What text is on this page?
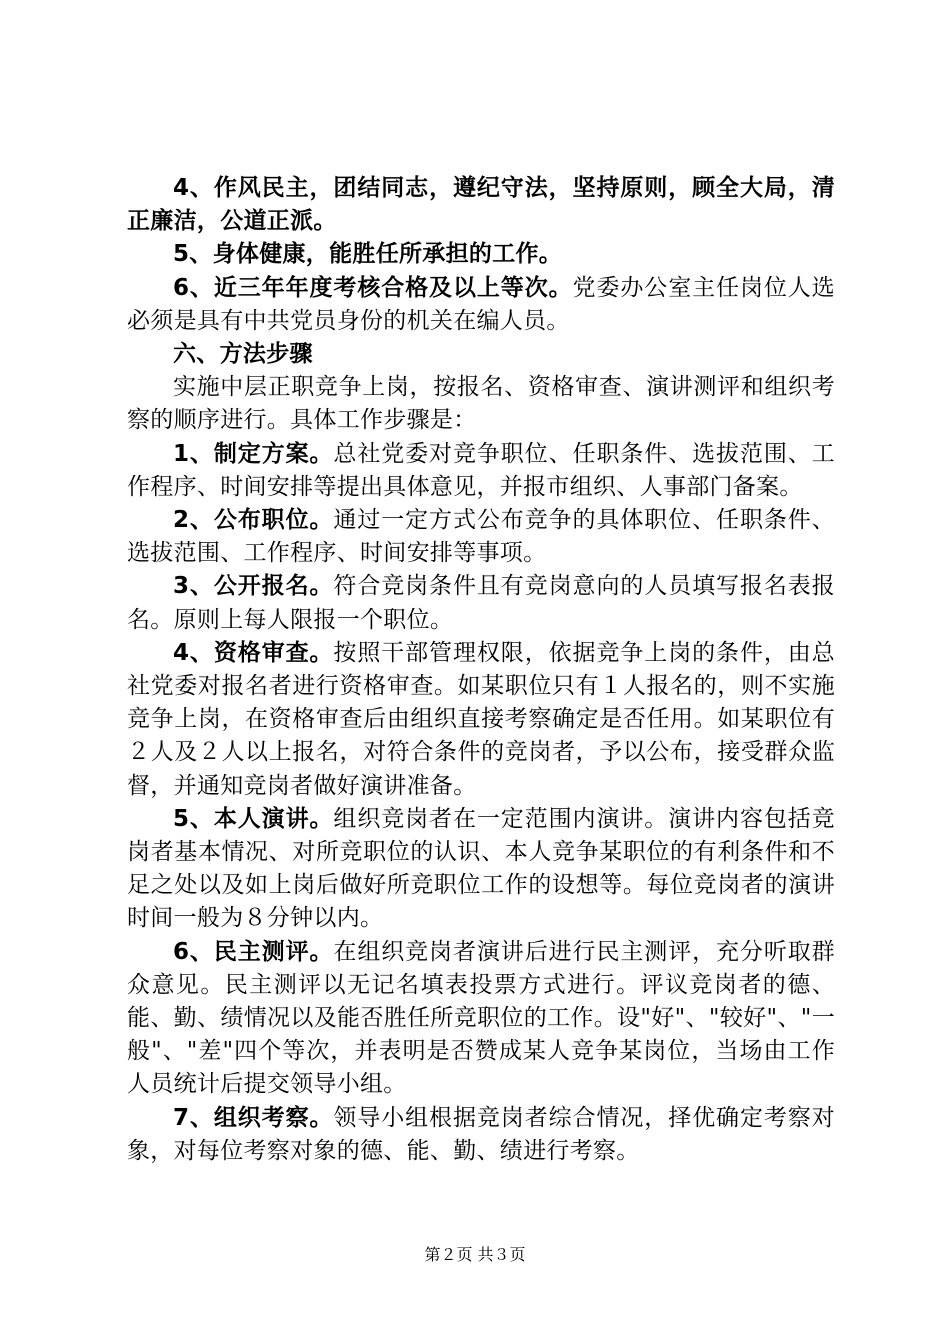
4、作风民主，团结同志，遵纪守法，坚持原则，顾全大局，清正廉洁，公道正派。

5、身体健康，能胜任所承担的工作。

6、近三年年度考核合格及以上等次。党委办公室主任岗位人选必须是具有中共党员身份的机关在编人员。

六、方法步骤

实施中层正职竞争上岗，按报名、资格审查、演讲测评和组织考察的顺序进行。具体工作步骤是：

1、制定方案。总社党委对竞争职位、任职条件、选拔范围、工作程序、时间安排等提出具体意见，并报市组织、人事部门备案。

2、公布职位。通过一定方式公布竞争的具体职位、任职条件、选拔范围、工作程序、时间安排等事项。

3、公开报名。符合竞岗条件且有竞岗意向的人员填写报名表报名。原则上每人限报一个职位。

4、资格审查。按照干部管理权限，依据竞争上岗的条件，由总社党委对报名者进行资格审查。如某职位只有１人报名的，则不实施竞争上岗，在资格审查后由组织直接考察确定是否任用。如某职位有２人及２人以上报名，对符合条件的竞岗者，予以公布，接受群众监督，并通知竞岗者做好演讲准备。

5、本人演讲。组织竞岗者在一定范围内演讲。演讲内容包括竞岗者基本情况、对所竞职位的认识、本人竞争某职位的有利条件和不足之处以及如上岗后做好所竞职位工作的设想等。每位竞岗者的演讲时间一般为８分钟以内。

6、民主测评。在组织竞岗者演讲后进行民主测评，充分听取群众意见。民主测评以无记名填表投票方式进行。评议竞岗者的德、能、勤、绩情况以及能否胜任所竞职位的工作。设"好"、"较好"、"一般"、"差"四个等次，并表明是否赞成某人竞争某岗位，当场由工作人员统计后提交领导小组。

7、组织考察。领导小组根据竞岗者综合情况，择优确定考察对象，对每位考察对象的德、能、勤、绩进行考察。

第２页 共３页
